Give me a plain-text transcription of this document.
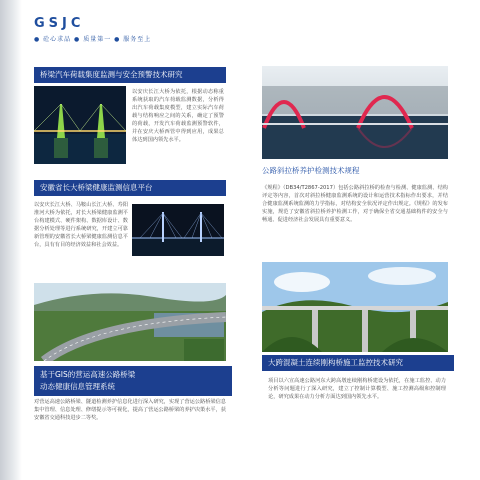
GSJC
● 砼心求品 ● 质量第一 ● 服务至上
桥梁汽车荷载集度监测与安全预警技术研究
以安庆长江大桥为依托，根据动态称重系统获取的汽车荷载监测数据，分析得出汽车荷载集度模型，建立实际汽车荷载与结构响应之间的关系，确定了预警的荷载，开发汽车荷载监测预警软件，并在安庆大桥西管中得到应用，成果总体达到国内领先水平。
公路斜拉桥养护检测技术规程
《规程》（DB34/T2867-2017）包括公路斜拉桥的检查与检测、健康监测、结构评定等内容，首次对斜拉桥健康监测系统的设计和运营技术指标作出要求，并结合健康监测系统监测的力学指标，对结构安全状况评定作出规定。《规程》的发布实施，规范了安徽省斜拉桥养护检测工作，对于确保全省交通基础构件的安全与畅通、促进经济社会发展具有重要意义。
安徽省长大桥梁健康监测信息平台
以安庆长江大桥、马鞍山长江大桥、寿阳淮河大桥为依托，对长大桥梁健康监测平台构建模式、硬件架构、数据库设计、数据分析处理等进行系统研究，开建立可靠新管理的安徽省长大桥梁健康监测信息平台，具有有目的经济效益和社会效益。
基于GIS的营运高速公路桥梁
动态健康信息管理系统
对营运高速公路桥梁、隧道检测养护信息化进行深入研究，实现了营运公路桥梁信息集中管理、信息处理、修缮提示等可视化，提高了营运公路桥梁的养护决策水平，获安徽省交通科技进步二等奖。
大跨混凝土连续刚构桥施工监控技术研究
项目以六宣高速公路河东大跨高墩连续刚构桥建设为依托，在施工监控、动力分析等问题进行了深入研究，建立了控制计算模型、施工控测高级和控制理论，研究成果在动力分析方面达到国内领先水平。
